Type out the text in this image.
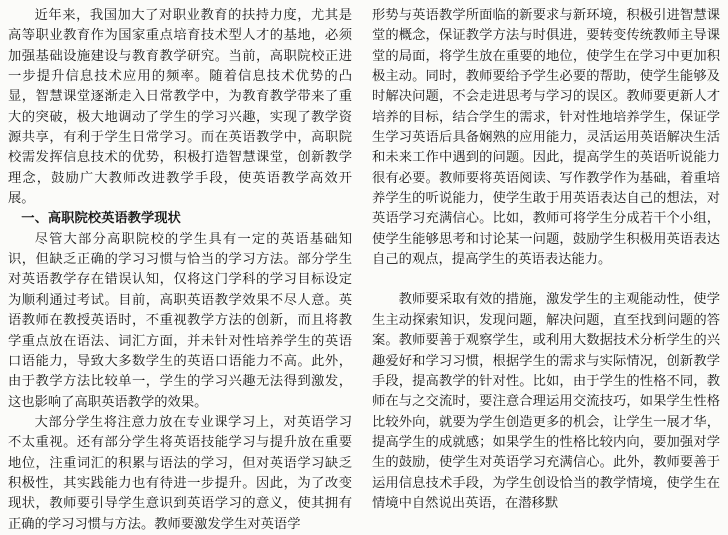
近年来，我国加大了对职业教育的扶持力度，尤其是高等职业教育作为国家重点培育技术型人才的基地，必须加强基础设施建设与教育教学研究。当前，高职院校正进一步提升信息技术应用的频率。随着信息技术优势的凸显，智慧课堂逐渐走入日常教学中，为教育教学带来了重大的突破，极大地调动了学生的学习兴趣，实现了教学资源共享，有利于学生日常学习。而在英语教学中，高职院校需发挥信息技术的优势，积极打造智慧课堂，创新教学理念，鼓励广大教师改进教学手段，使英语教学高效开展。

一、高职院校英语教学现状

尽管大部分高职院校的学生具有一定的英语基础知识，但缺乏正确的学习习惯与恰当的学习方法。部分学生对英语教学存在错误认知，仅将这门学科的学习目标设定为顺利通过考试。目前，高职英语教学效果不尽人意。英语教师在教授英语时，不重视教学方法的创新，而且将教学重点放在语法、词汇方面，并未针对性培养学生的英语口语能力，导致大多数学生的英语口语能力不高。此外，由于教学方法比较单一，学生的学习兴趣无法得到激发，这也影响了高职英语教学的效果。

大部分学生将注意力放在专业课学习上，对英语学习不太重视。还有部分学生将英语技能学习与提升放在重要地位，注重词汇的积累与语法的学习，但对英语学习缺乏积极性，其实践能力也有待进一步提升。因此，为了改变现状，教师要引导学生意识到英语学习的意义，使其拥有正确的学习习惯与方法。教师要激发学生对英语学

形势与英语教学所面临的新要求与新环境，积极引进智慧课堂的概念，保证教学方法与时俱进，要转变传统教师主导课堂的局面，将学生放在重要的地位，使学生在学习中更加积极主动。同时，教师要给予学生必要的帮助，使学生能够及时解决问题，不会走进思考与学习的误区。教师要更新人才培养的目标，结合学生的需求，针对性地培养学生，保证学生学习英语后具备娴熟的应用能力，灵活运用英语解决生活和未来工作中遇到的问题。因此，提高学生的英语听说能力很有必要。教师要将英语阅读、写作教学作为基础，着重培养学生的听说能力，使学生敢于用英语表达自己的想法，对英语学习充满信心。比如，教师可将学生分成若干个小组，使学生能够思考和讨论某一问题，鼓励学生积极用英语表达自己的观点，提高学生的英语表达能力。

教师要采取有效的措施，激发学生的主观能动性，使学生主动探索知识，发现问题，解决问题，直至找到问题的答案。教师要善于观察学生，或利用大数据技术分析学生的兴趣爱好和学习习惯，根据学生的需求与实际情况，创新教学手段，提高教学的针对性。比如，由于学生的性格不同，教师在与之交流时，要注意合理运用交流技巧，如果学生性格比较外向，就要为学生创造更多的机会，让学生一展才华，提高学生的成就感；如果学生的性格比较内向，要加强对学生的鼓励，使学生对英语学习充满信心。此外，教师要善于运用信息技术手段，为学生创设恰当的教学情境，使学生在情境中自然说出英语，在潜移默
